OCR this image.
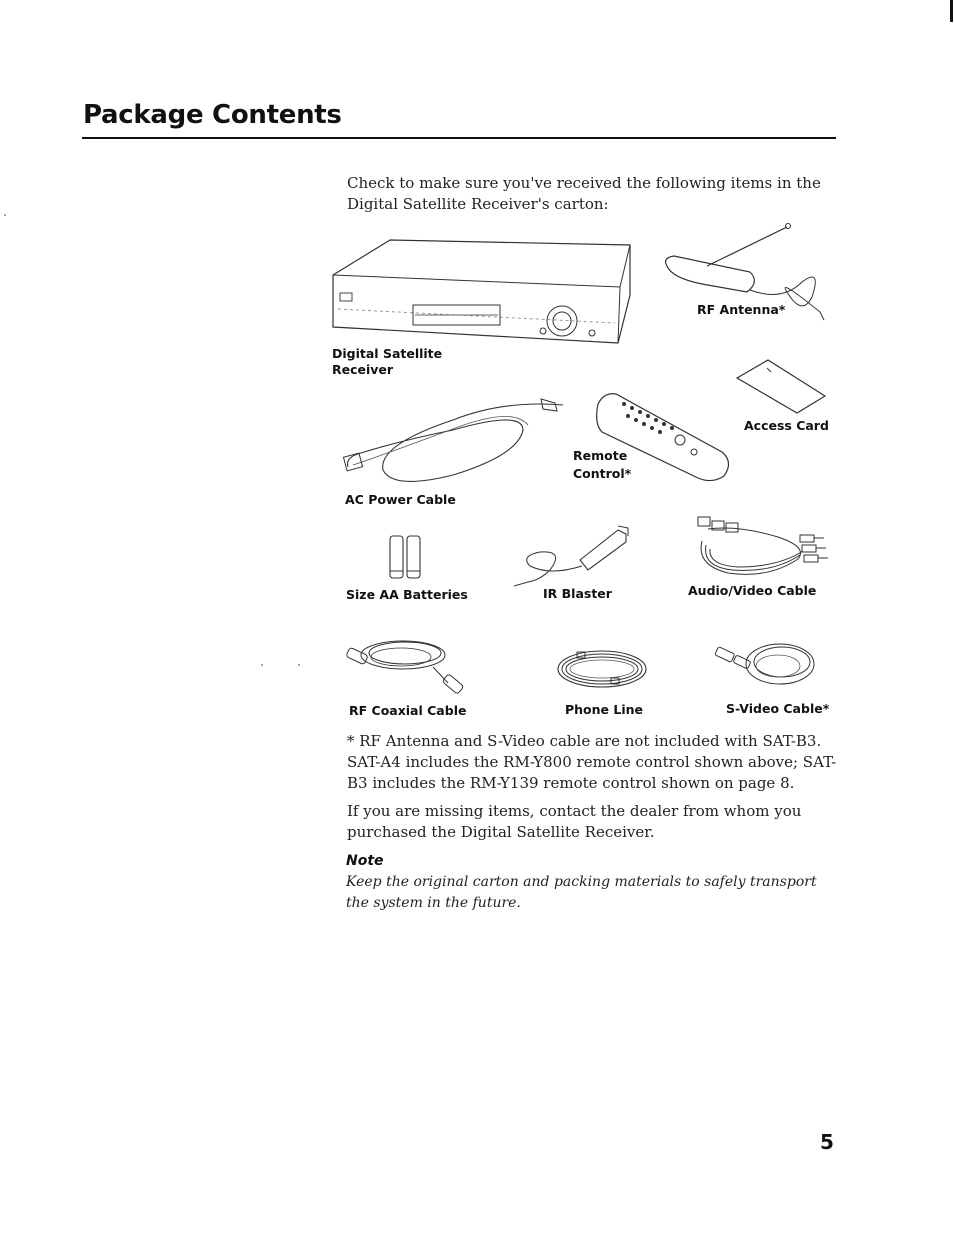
Package Contents
Check to make sure you've received the following items in the Digital Satellite Receiver's carton:
Digital Satellite Receiver
RF Antenna*
Access Card
AC Power Cable
Remote Control*
Size AA Batteries	IR Blaster	Audio/Video Cable
RF Coaxial Cable	Phone Line	S-Video Cable*
* RF Antenna and S-Video cable are not included with SAT-B3. SAT-A4 includes the RM-Y800 remote control shown above; SAT-B3 includes the RM-Y139 remote control shown on page 8.
If you are missing items, contact the dealer from whom you purchased the Digital Satellite Receiver.
Note
Keep the original carton and packing materials to safely transport the system in the future.
5
